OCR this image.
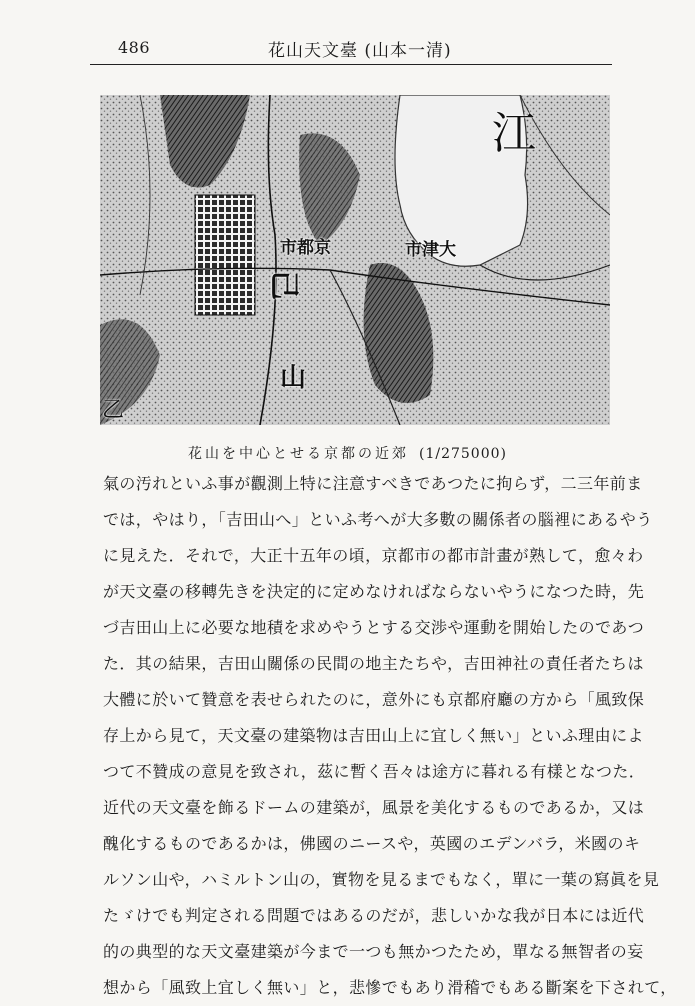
486	花山天文臺 (山本一清)
市都京	市津大
江
乙
山
己
花山を中心とせる京都の近郊 (1/275000)
氣の汚れといふ事が觀測上特に注意すべきであつたに拘らず，二三年前ま
では，やはり，「吉田山へ」といふ考へが大多數の關係者の腦裡にあるやう
に見えた．それで，大正十五年の頃，京都市の都市計畫が熟して，愈々わ
が天文臺の移轉先きを決定的に定めなければならないやうになつた時，先
づ吉田山上に必要な地積を求めやうとする交渉や運動を開始したのであつ
た．其の結果，吉田山關係の民間の地主たちや，吉田神社の責任者たちは
大體に於いて贊意を表せられたのに，意外にも京都府廳の方から「風致保
存上から見て，天文臺の建築物は吉田山上に宜しく無い」といふ理由によ
つて不贊成の意見を致され，茲に暫く吾々は途方に暮れる有樣となつた．
近代の天文臺を飾るドームの建築が，風景を美化するものであるか，又は
醜化するものであるかは，佛國のニースや，英國のエデンバラ，米國のキ
ルソン山や，ハミルトン山の，實物を見るまでもなく，單に一葉の寫眞を見
たゞけでも判定される問題ではあるのだが，悲しいかな我が日本には近代
的の典型的な天文臺建築が今まで一つも無かつたため，單なる無智者の妄
想から「風致上宜しく無い」と，悲慘でもあり滑稽でもある斷案を下されて，
